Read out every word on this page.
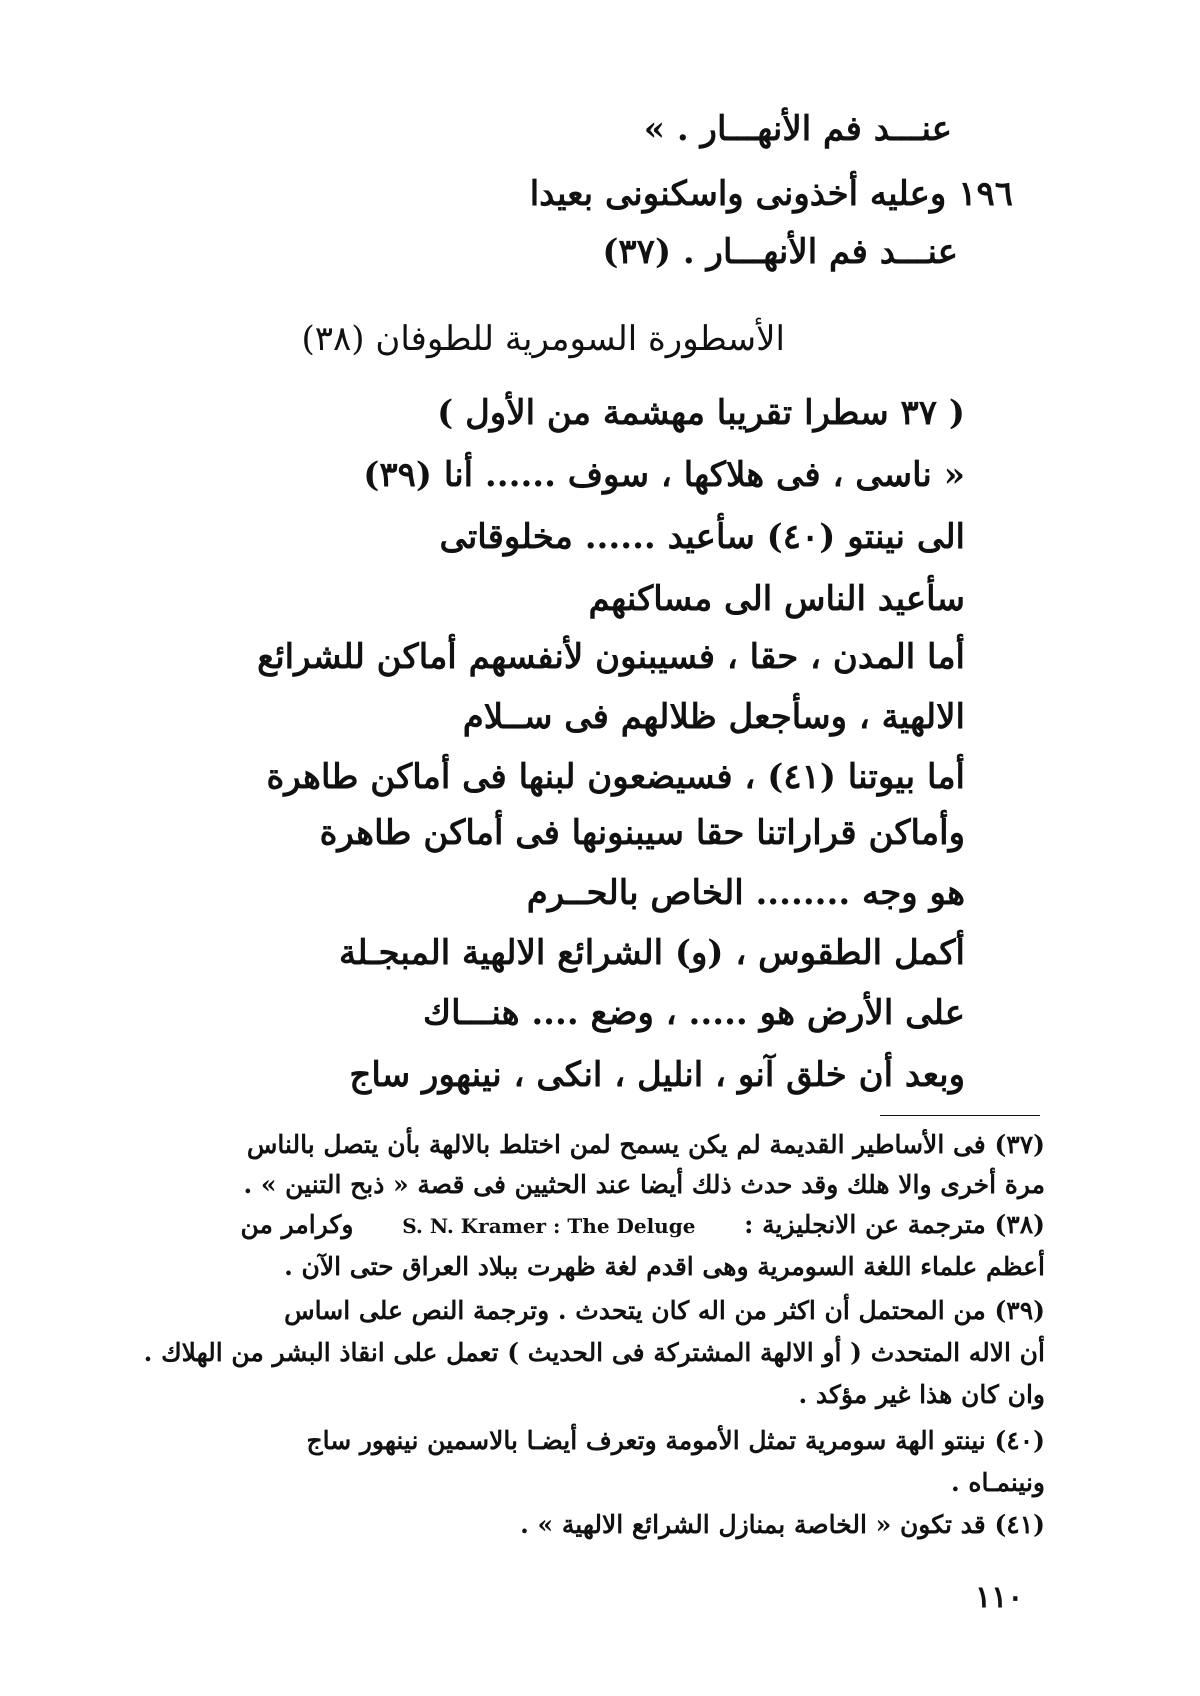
عنـــد فم الأنهـــار . »
١٩٦ وعليه أخذونى واسكنونى بعيدا
عنـــد فم الأنهـــار . (٣٧)
الأسطورة السومرية للطوفان (٣٨)
( ٣٧ سطرا تقريبا مهشمة من الأول )
« ناسى ، فى هلاكها ، سوف ...... أنا (٣٩)
الى نينتو (٤٠) سأعيد ...... مخلوقاتى
سأعيد الناس الى مساكنهم
أما المدن ، حقا ، فسيبنون لأنفسهم أماكن للشرائع
الالهية ، وسأجعل ظلالهم فى ســلام
أما بيوتنا (٤١) ، فسيضعون لبنها فى أماكن طاهرة
وأماكن قراراتنا حقا سيبنونها فى أماكن طاهرة
هو وجه ........ الخاص بالحــرم
أكمل الطقوس ، (و) الشرائع الالهية المبجـلة
على الأرض هو ..... ، وضع .... هنـــاك
وبعد أن خلق آنو ، انليل ، انكى ، نينهور ساج
(٣٧) فى الأساطير القديمة لم يكن يسمح لمن اختلط بالالهة بأن يتصل بالناس
مرة أخرى والا هلك وقد حدث ذلك أيضا عند الحثيين فى قصة « ذبح التنين » .
(٣٨) مترجمة عن الانجليزية : S. N. Kramer : The Deluge وكرامر من
أعظم علماء اللغة السومرية وهى اقدم لغة ظهرت ببلاد العراق حتى الآن .
(٣٩) من المحتمل أن اكثر من اله كان يتحدث . وترجمة النص على اساس
أن الاله المتحدث ( أو الالهة المشتركة فى الحديث ) تعمل على انقاذ البشر من الهلاك .
وان كان هذا غير مؤكد .
(٤٠) نينتو الهة سومرية تمثل الأمومة وتعرف أيضـا بالاسمين نينهور ساج
ونينمـاه .
(٤١) قد تكون « الخاصة بمنازل الشرائع الالهية » .
١١٠
